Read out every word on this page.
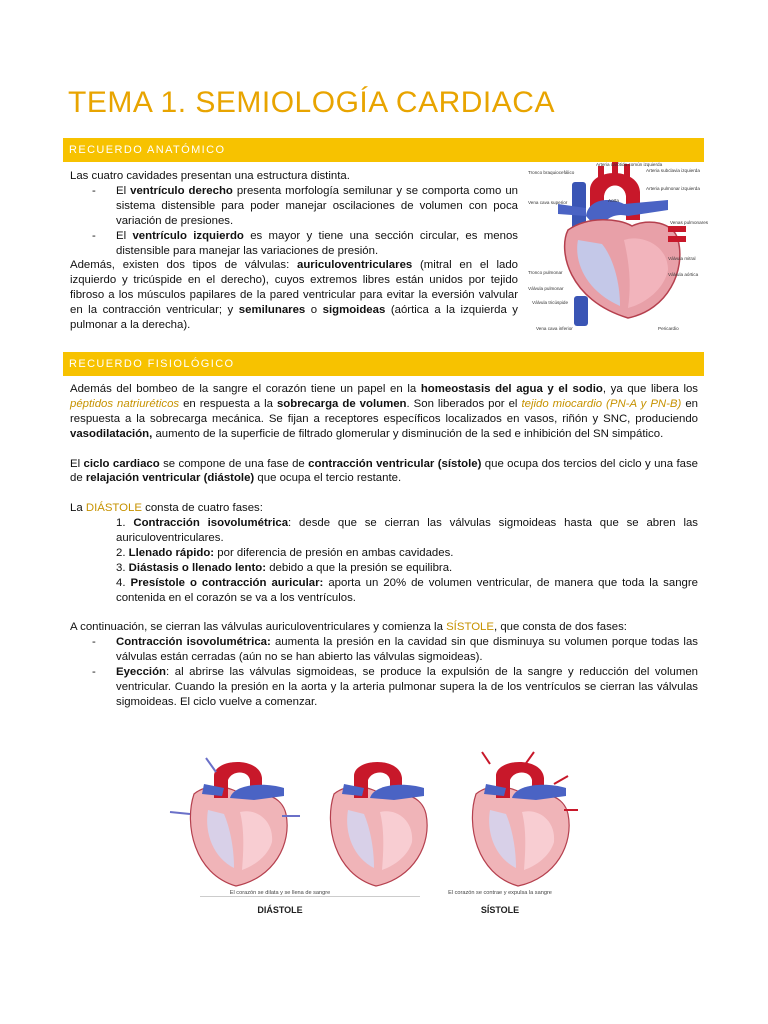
TEMA 1. SEMIOLOGÍA CARDIACA
RECUERDO ANATÓMICO

Las cuatro cavidades presentan una estructura distinta.

-	El ventrículo derecho presenta morfología semilunar y se comporta como un sistema distensible para poder manejar oscilaciones de volumen con poca variación de presiones.
-	El ventrículo izquierdo es mayor y tiene una sección circular, es menos distensible para manejar las variaciones de presión.

Además, existen dos tipos de válvulas: auriculoventriculares (mitral en el lado izquierdo y tricúspide en el derecho), cuyos extremos libres están unidos por tejido fibroso a los músculos papilares de la pared ventricular para evitar la eversión valvular en la contracción ventricular; y semilunares o sigmoideas (aórtica a la izquierda y pulmonar a la derecha).

Tronco braquiocefálico
Arteria carótida común izquierda
Arteria subclavia izquierda
Aorta
Arteria pulmonar izquierda
Vena cava superior
Venas pulmonares
Válvula mitral
Tronco pulmonar
Válvula pulmonar
Válvula aórtica
Válvula tricúspide
Vena cava inferior	Pericardio
RECUERDO FISIOLÓGICO

Además del bombeo de la sangre el corazón tiene un papel en la homeostasis del agua y el sodio, ya que libera los péptidos natriuréticos en respuesta a la sobrecarga de volumen. Son liberados por el tejido miocardio (PN-A y PN-B) en respuesta a la sobrecarga mecánica. Se fijan a receptores específicos localizados en vasos, riñón y SNC, produciendo vasodilatación, aumento de la superficie de filtrado glomerular y disminución de la sed e inhibición del SN simpático.

El ciclo cardiaco se compone de una fase de contracción ventricular (sístole) que ocupa dos tercios del ciclo y una fase de relajación ventricular (diástole) que ocupa el tercio restante.

La DIÁSTOLE consta de cuatro fases:

1. Contracción isovolumétrica: desde que se cierran las válvulas sigmoideas hasta que se abren las auriculoventriculares.
2. Llenado rápido: por diferencia de presión en ambas cavidades.
3. Diástasis o llenado lento: debido a que la presión se equilibra.
4. Presístole o contracción auricular: aporta un 20% de volumen ventricular, de manera que toda la sangre contenida en el corazón se va a los ventrículos.

A continuación, se cierran las válvulas auriculoventriculares y comienza la SÍSTOLE, que consta de dos fases:

-	Contracción isovolumétrica: aumenta la presión en la cavidad sin que disminuya su volumen porque todas las válvulas están cerradas (aún no se han abierto las válvulas sigmoideas).
-	Eyección: al abrirse las válvulas sigmoideas, se produce la expulsión de la sangre y reducción del volumen ventricular. Cuando la presión en la aorta y la arteria pulmonar supera la de los ventrículos se cierran las válvulas sigmoideas. El ciclo vuelve a comenzar.
El corazón se dilata y se llena de sangre
DIÁSTOLE
El corazón se contrae y expulsa la sangre
SÍSTOLE
